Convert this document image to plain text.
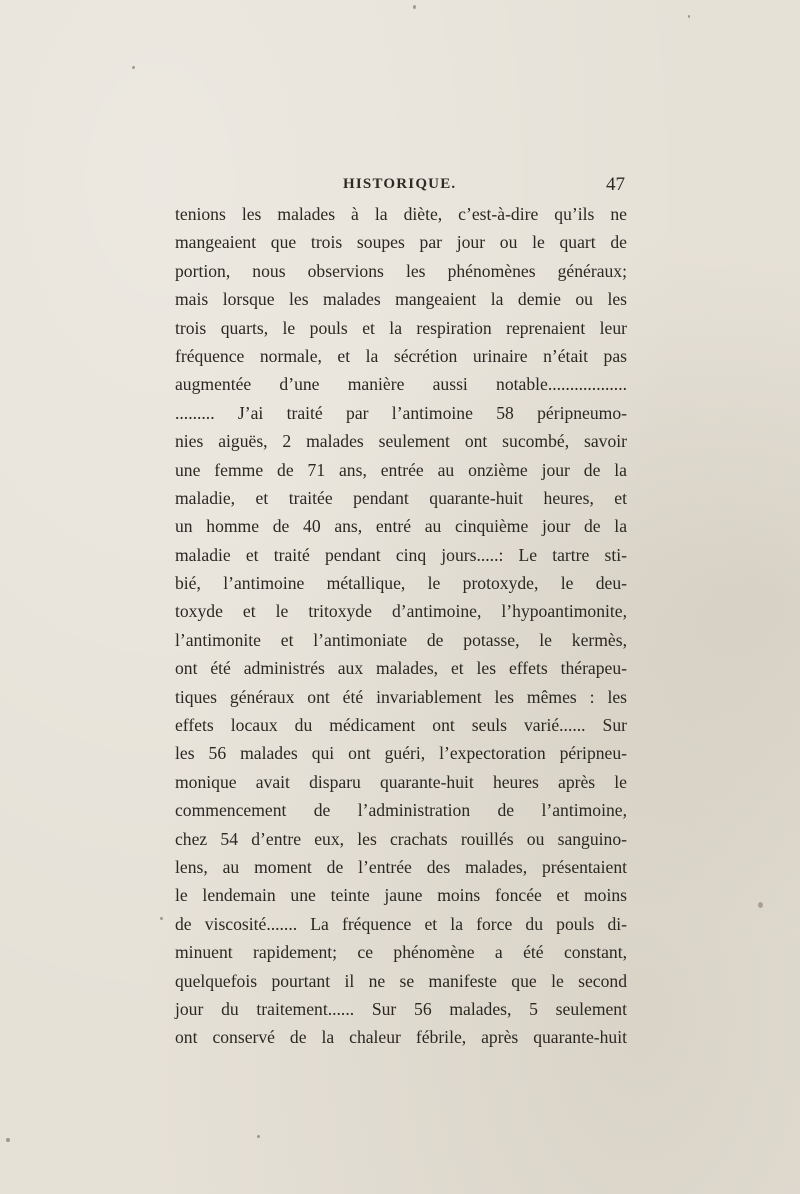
HISTORIQUE.	47
tenions les malades à la diète, c’est-à-dire qu’ils ne
mangeaient que trois soupes par jour ou le quart de
portion, nous observions les phénomènes généraux;
mais lorsque les malades mangeaient la demie ou les
trois quarts, le pouls et la respiration reprenaient leur
fréquence normale, et la sécrétion urinaire n’était pas
augmentée d’une manière aussi notable..................
......... J’ai traité par l’antimoine 58 péripneumo-
nies aiguës, 2 malades seulement ont sucombé, savoir
une femme de 71 ans, entrée au onzième jour de la
maladie, et traitée pendant quarante-huit heures, et
un homme de 40 ans, entré au cinquième jour de la
maladie et traité pendant cinq jours.....: Le tartre sti-
bié, l’antimoine métallique, le protoxyde, le deu-
toxyde et le tritoxyde d’antimoine, l’hypoantimonite,
l’antimonite et l’antimoniate de potasse, le kermès,
ont été administrés aux malades, et les effets thérapeu-
tiques généraux ont été invariablement les mêmes : les
effets locaux du médicament ont seuls varié...... Sur
les 56 malades qui ont guéri, l’expectoration péripneu-
monique avait disparu quarante-huit heures après le
commencement de l’administration de l’antimoine,
chez 54 d’entre eux, les crachats rouillés ou sanguino-
lens, au moment de l’entrée des malades, présentaient
le lendemain une teinte jaune moins foncée et moins
de viscosité....... La fréquence et la force du pouls di-
minuent rapidement; ce phénomène a été constant,
quelquefois pourtant il ne se manifeste que le second
jour du traitement...... Sur 56 malades, 5 seulement
ont conservé de la chaleur fébrile, après quarante-huit
